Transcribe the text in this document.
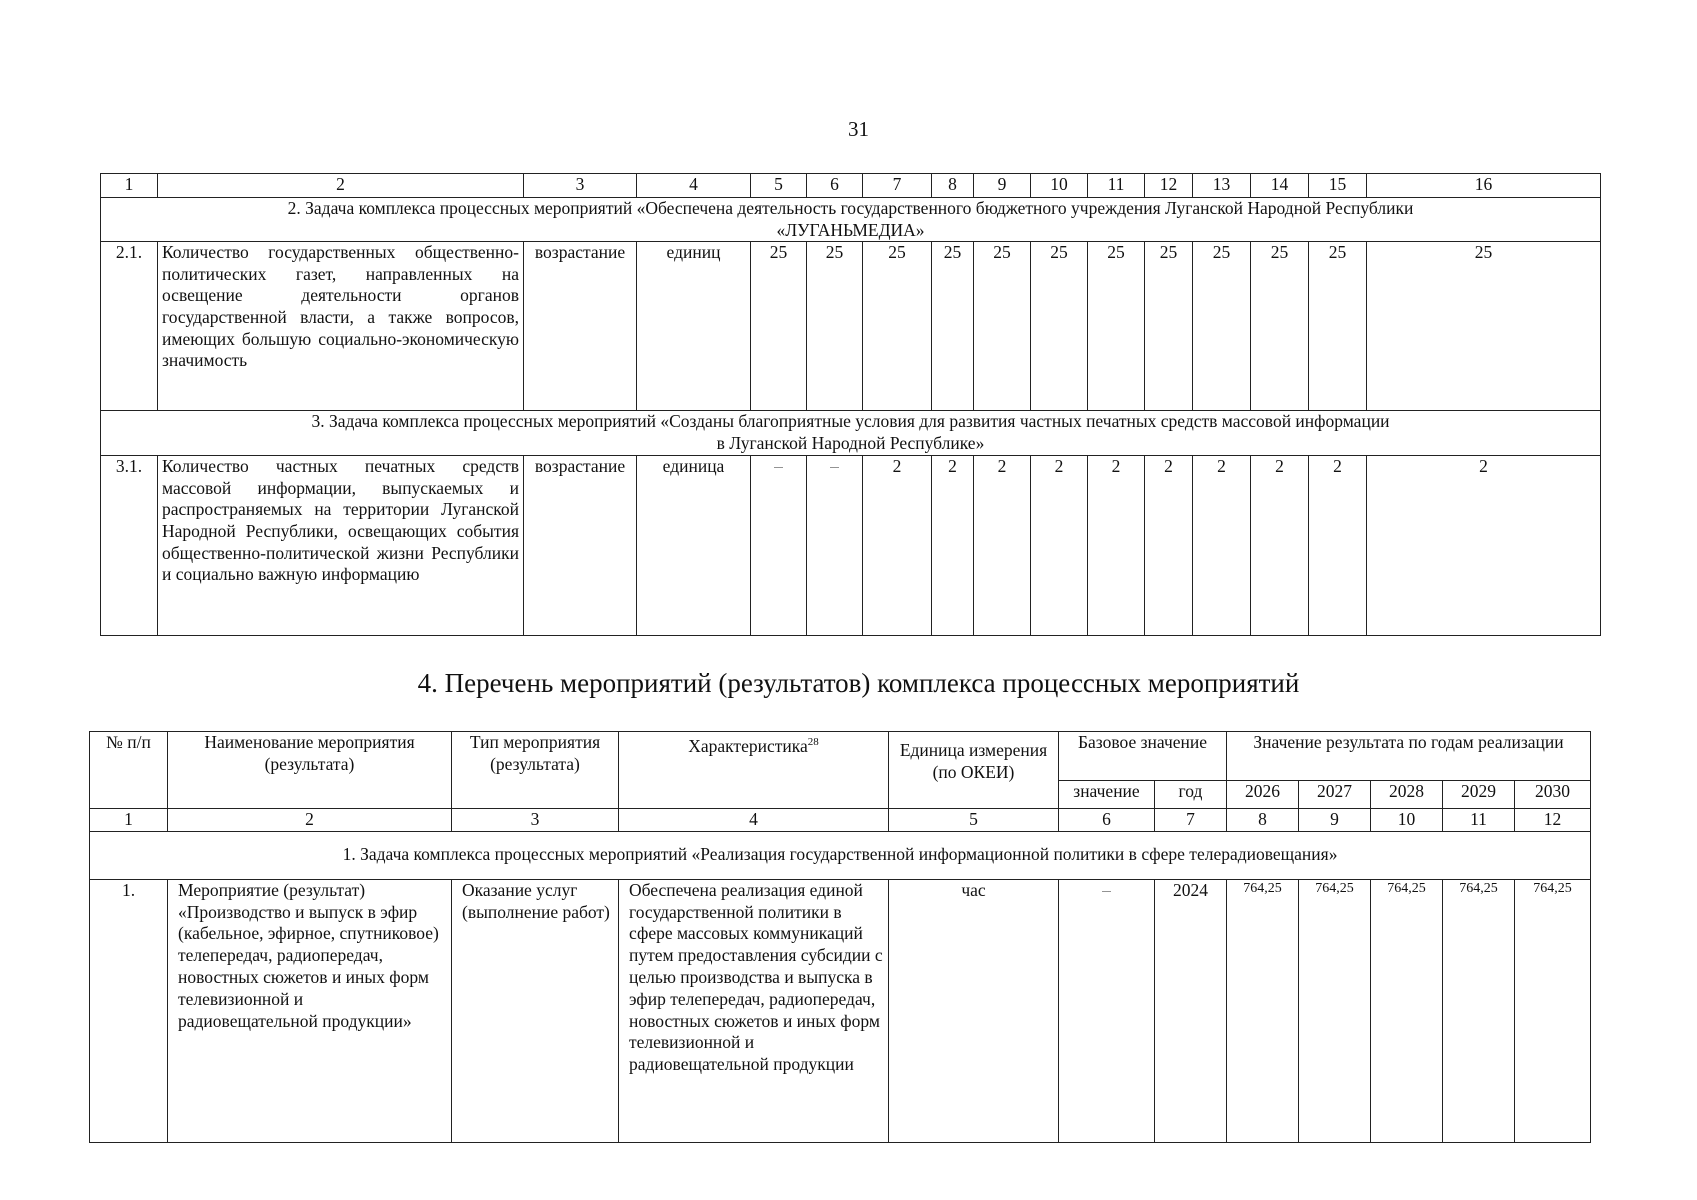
31
1	2	3	4	5	6	7	8	9	10	11	12	13	14	15	16

2. Задача комплекса процессных мероприятий «Обеспечена деятельность государственного бюджетного учреждения Луганской Народной Республики
«ЛУГАНЬМЕДИА»															

2.1.	Количество государственных общественно-политических газет, направленных на освещение деятельности органов государственной власти, а также вопросов, имеющих большую социально-экономическую значимость	возрастание	единиц	25	25	25	25	25	25	25	25	25	25	25	25

3. Задача комплекса процессных мероприятий «Созданы благоприятные условия для развития частных печатных средств массовой информации
в Луганской Народной Республике»															

3.1.	Количество частных печатных средств массовой информации, выпускаемых и распространяемых на территории Луганской Народной Республики, освещающих события общественно-политической жизни Республики и социально важную информацию	возрастание	единица	–	–	2	2	2	2	2	2	2	2	2	2
4. Перечень мероприятий (результатов) комплекса процессных мероприятий
№ п/п	Наименование мероприятия (результата)	Тип мероприятия (результата)	Характеристика$^{28}$	Единица измерения (по ОКЕИ)	Базовое значение		Значение результата по годам реализации				
					значение	год	2026	2027	2028	2029	2030
1	2	3	4	5	6	7	8	9	10	11	12
1. Задача комплекса процессных мероприятий «Реализация государственной информационной политики в сфере телерадиовещания»											
1.	Мероприятие (результат) «Производство и выпуск в эфир (кабельное, эфирное, спутниковое) телепередач, радиопередач, новостных сюжетов и иных форм телевизионной и радиовещательной продукции»	Оказание услуг (выполнение работ)	Обеспечена реализация единой государственной политики в сфере массовых коммуникаций путем предоставления субсидии с целью производства и выпуска в эфир телепередач, радиопередач, новостных сюжетов и иных форм телевизионной и радиовещательной продукции	час	–	2024	764,25	764,25	764,25	764,25	764,25
